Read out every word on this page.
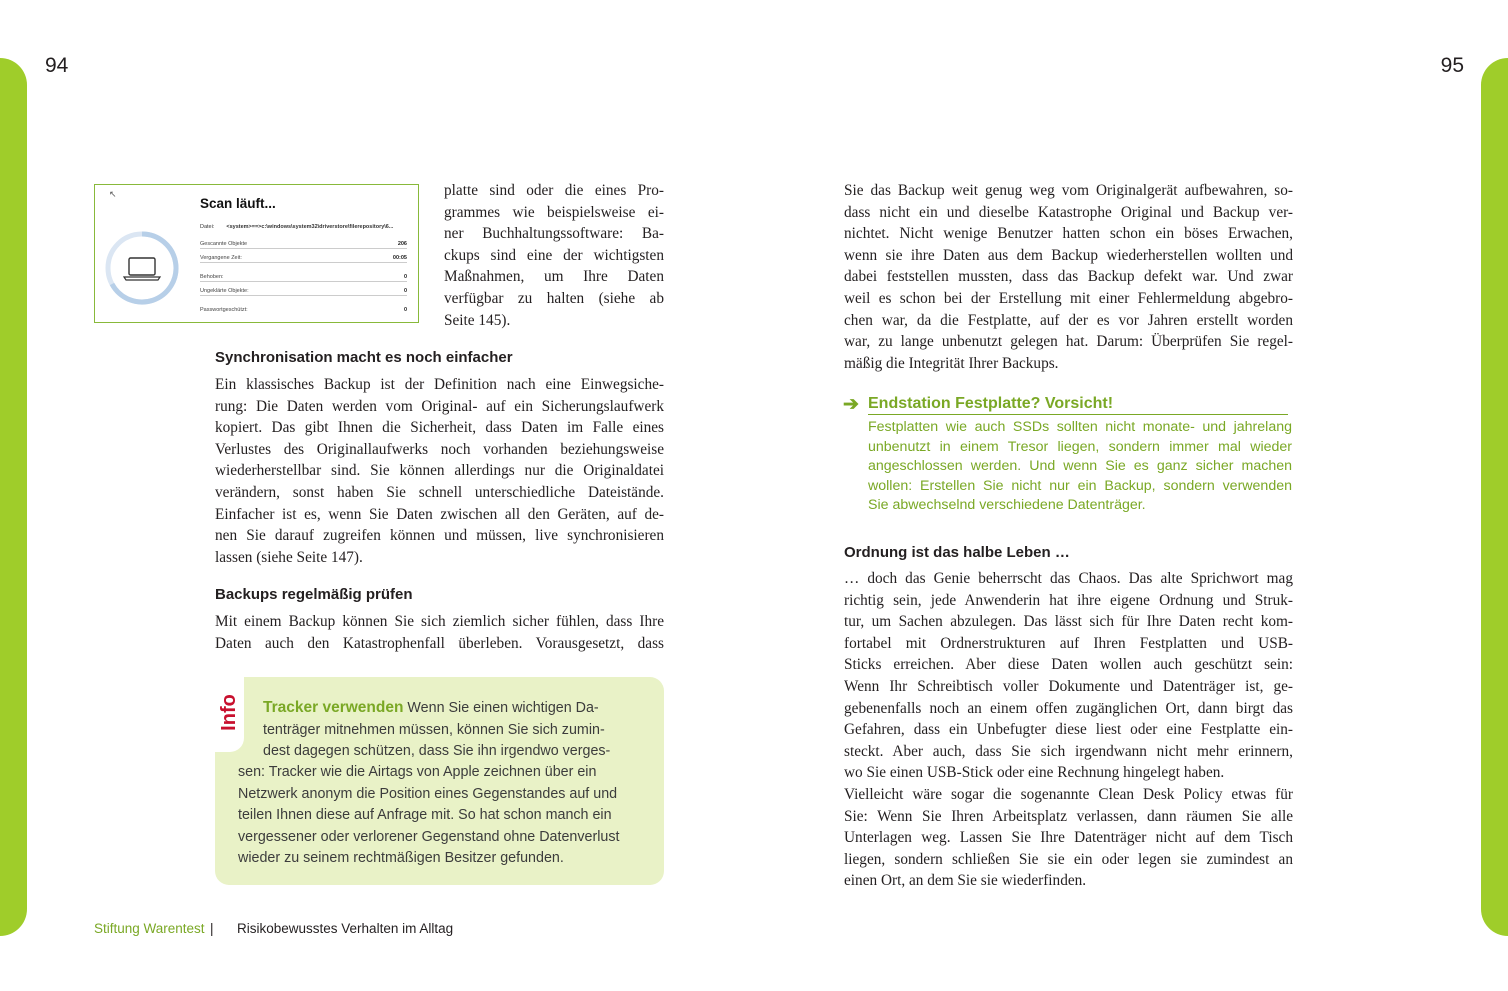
94	95
↖
Scan läuft...
Datei: <system>==>c:\windows\system32\driverstore\filerepository\6...
Gescannte Objekte	206
Vergangene Zeit:	00:05
Behoben:	0
Ungeklärte Objekte:	0
Passwortgeschützt:	0
platte sind oder die eines Pro-
grammes wie beispielsweise ei-
ner Buchhaltungssoftware: Ba-
ckups sind eine der wichtigsten
Maßnahmen, um Ihre Daten
verfügbar zu halten (siehe ab
Seite 145).
Synchronisation macht es noch einfacher
Ein klassisches Backup ist der Definition nach eine Einwegsiche-
rung: Die Daten werden vom Original- auf ein Sicherungslaufwerk
kopiert. Das gibt Ihnen die Sicherheit, dass Daten im Falle eines
Verlustes des Originallaufwerks noch vorhanden beziehungsweise
wiederherstellbar sind. Sie können allerdings nur die Originaldatei
verändern, sonst haben Sie schnell unterschiedliche Dateistände.
Einfacher ist es, wenn Sie Daten zwischen all den Geräten, auf de-
nen Sie darauf zugreifen können und müssen, live synchronisieren
lassen (siehe Seite 147).
Backups regelmäßig prüfen
Mit einem Backup können Sie sich ziemlich sicher fühlen, dass Ihre
Daten auch den Katastrophenfall überleben. Vorausgesetzt, dass
Info Tracker verwenden Wenn Sie einen wichtigen Da-
tenträger mitnehmen müssen, können Sie sich zumin-
dest dagegen schützen, dass Sie ihn irgendwo verges-
sen: Tracker wie die Airtags von Apple zeichnen über ein
Netzwerk anonym die Position eines Gegenstandes auf und
teilen Ihnen diese auf Anfrage mit. So hat schon manch ein
vergessener oder verlorener Gegenstand ohne Datenverlust
wieder zu seinem rechtmäßigen Besitzer gefunden.
Sie das Backup weit genug weg vom Originalgerät aufbewahren, so-
dass nicht ein und dieselbe Katastrophe Original und Backup ver-
nichtet. Nicht wenige Benutzer hatten schon ein böses Erwachen,
wenn sie ihre Daten aus dem Backup wiederherstellen wollten und
dabei feststellen mussten, dass das Backup defekt war. Und zwar
weil es schon bei der Erstellung mit einer Fehlermeldung abgebro-
chen war, da die Festplatte, auf der es vor Jahren erstellt worden
war, zu lange unbenutzt gelegen hat. Darum: Überprüfen Sie regel-
mäßig die Integrität Ihrer Backups.
➔ Endstation Festplatte? Vorsicht!
Festplatten wie auch SSDs sollten nicht monate- und jahrelang
unbenutzt in einem Tresor liegen, sondern immer mal wieder
angeschlossen werden. Und wenn Sie es ganz sicher machen
wollen: Erstellen Sie nicht nur ein Backup, sondern verwenden
Sie abwechselnd verschiedene Datenträger.
Ordnung ist das halbe Leben …
… doch das Genie beherrscht das Chaos. Das alte Sprichwort mag
richtig sein, jede Anwenderin hat ihre eigene Ordnung und Struk-
tur, um Sachen abzulegen. Das lässt sich für Ihre Daten recht kom-
fortabel mit Ordnerstrukturen auf Ihren Festplatten und USB-
Sticks erreichen. Aber diese Daten wollen auch geschützt sein:
Wenn Ihr Schreibtisch voller Dokumente und Datenträger ist, ge-
gebenenfalls noch an einem offen zugänglichen Ort, dann birgt das
Gefahren, dass ein Unbefugter diese liest oder eine Festplatte ein-
steckt. Aber auch, dass Sie sich irgendwann nicht mehr erinnern,
wo Sie einen USB-Stick oder eine Rechnung hingelegt haben.
Vielleicht wäre sogar die sogenannte Clean Desk Policy etwas für
Sie: Wenn Sie Ihren Arbeitsplatz verlassen, dann räumen Sie alle
Unterlagen weg. Lassen Sie Ihre Datenträger nicht auf dem Tisch
liegen, sondern schließen Sie sie ein oder legen sie zumindest an
einen Ort, an dem Sie sie wiederfinden.
Stiftung Warentest | Risikobewusstes Verhalten im Alltag
